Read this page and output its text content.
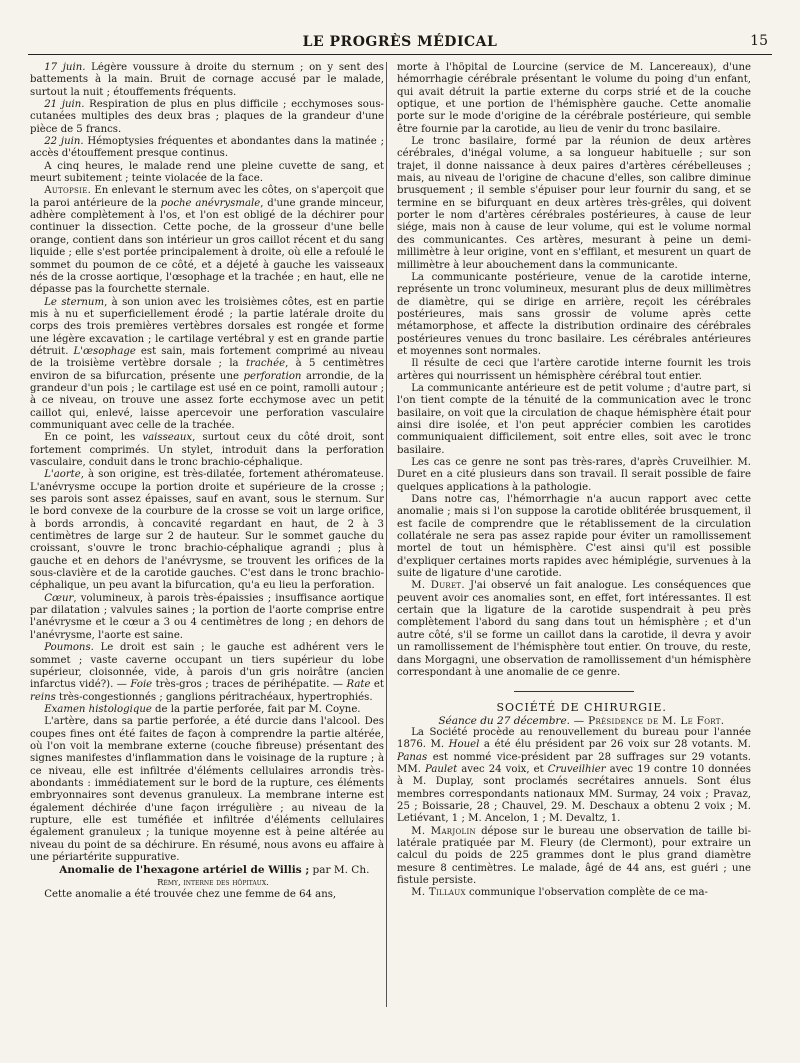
LE PROGRÈS MÉDICAL	15

17 juin. Légère voussure à droite du sternum ; on y sent des battements à la main. Bruit de cornage accusé par le malade, surtout la nuit ; étouffements fréquents.

21 juin. Respiration de plus en plus difficile ; ecchymoses sous-cutanées multiples des deux bras ; plaques de la grandeur d'une pièce de 5 francs.

22 juin. Hémoptysies fréquentes et abondantes dans la matinée ; accès d'étouffement presque continus.

A cinq heures, le malade rend une pleine cuvette de sang, et meurt subitement ; teinte violacée de la face.

Autopsie. En enlevant le sternum avec les côtes, on s'aperçoit que la paroi antérieure de la poche anévrysmale, d'une grande minceur, adhère complètement à l'os, et l'on est obligé de la déchirer pour continuer la dissection. Cette poche, de la grosseur d'une belle orange, contient dans son intérieur un gros caillot récent et du sang liquide ; elle s'est portée principalement à droite, où elle a refoulé le sommet du poumon de ce côté, et a déjeté à gauche les vaisseaux nés de la crosse aortique, l'œsophage et la trachée ; en haut, elle ne dépasse pas la fourchette sternale.

Le sternum, à son union avec les troisièmes côtes, est en partie mis à nu et superficiellement érodé ; la partie latérale droite du corps des trois premières vertèbres dorsales est rongée et forme une légère excavation ; le cartilage vertébral y est en grande partie détruit. L'œsophage est sain, mais fortement comprimé au niveau de la troisième vertèbre dorsale ; la trachée, à 5 centimètres environ de sa bifurcation, présente une perforation arrondie, de la grandeur d'un pois ; le cartilage est usé en ce point, ramolli autour ; à ce niveau, on trouve une assez forte ecchymose avec un petit caillot qui, enlevé, laisse apercevoir une perforation vasculaire communiquant avec celle de la trachée.

En ce point, les vaisseaux, surtout ceux du côté droit, sont fortement comprimés. Un stylet, introduit dans la perforation vasculaire, conduit dans le tronc brachio-céphalique.

L'aorte, à son origine, est très-dilatée, fortement athéromateuse. L'anévrysme occupe la portion droite et supérieure de la crosse ; ses parois sont assez épaisses, sauf en avant, sous le sternum. Sur le bord convexe de la courbure de la crosse se voit un large orifice, à bords arrondis, à concavité regardant en haut, de 2 à 3 centimètres de large sur 2 de hauteur. Sur le sommet gauche du croissant, s'ouvre le tronc brachio-céphalique agrandi ; plus à gauche et en dehors de l'anévrysme, se trouvent les orifices de la sous-clavière et de la carotide gauches. C'est dans le tronc brachio-céphalique, un peu avant la bifurcation, qu'a eu lieu la perforation.

Cœur, volumineux, à parois très-épaissies ; insuffisance aortique par dilatation ; valvules saines ; la portion de l'aorte comprise entre l'anévrysme et le cœur a 3 ou 4 centimètres de long ; en dehors de l'anévrysme, l'aorte est saine.

Poumons. Le droit est sain ; le gauche est adhérent vers le sommet ; vaste caverne occupant un tiers supérieur du lobe supérieur, cloisonnée, vide, à parois d'un gris noirâtre (ancien infarctus vidé?). — Foie très-gros ; traces de périhépatite. — Rate et reins très-congestionnés ; ganglions péritrachéaux, hypertrophiés.

Examen histologique de la partie perforée, fait par M. Coyne.

L'artère, dans sa partie perforée, a été durcie dans l'alcool. Des coupes fines ont été faites de façon à comprendre la partie altérée, où l'on voit la membrane externe (couche fibreuse) présentant des signes manifestes d'inflammation dans le voisinage de la rupture ; à ce niveau, elle est infiltrée d'éléments cellulaires arrondis très-abondants : immédiatement sur le bord de la rupture, ces éléments embryonnaires sont devenus granuleux. La membrane interne est également déchirée d'une façon irrégulière ; au niveau de la rupture, elle est tuméfiée et infiltrée d'éléments cellulaires également granuleux ; la tunique moyenne est à peine altérée au niveau du point de sa déchirure. En résumé, nous avons eu affaire à une périartérite suppurative.

Anomalie de l'hexagone artériel de Willis ; par M. Ch.

Rémy, interne des hôpitaux.

Cette anomalie a été trouvée chez une femme de 64 ans,

morte à l'hôpital de Lourcine (service de M. Lancereaux), d'une hémorrhagie cérébrale présentant le volume du poing d'un enfant, qui avait détruit la partie externe du corps strié et de la couche optique, et une portion de l'hémisphère gauche. Cette anomalie porte sur le mode d'origine de la cérébrale postérieure, qui semble être fournie par la carotide, au lieu de venir du tronc basilaire.

Le tronc basilaire, formé par la réunion de deux artères cérébrales, d'inégal volume, a sa longueur habituelle ; sur son trajet, il donne naissance à deux paires d'artères cérébelleuses ; mais, au niveau de l'origine de chacune d'elles, son calibre diminue brusquement ; il semble s'épuiser pour leur fournir du sang, et se termine en se bifurquant en deux artères très-grêles, qui doivent porter le nom d'artères cérébrales postérieures, à cause de leur siége, mais non à cause de leur volume, qui est le volume normal des communicantes. Ces artères, mesurant à peine un demi-millimètre à leur origine, vont en s'effilant, et mesurent un quart de millimètre à leur abouchement dans la communicante.

La communicante postérieure, venue de la carotide interne, représente un tronc volumineux, mesurant plus de deux millimètres de diamètre, qui se dirige en arrière, reçoit les cérébrales postérieures, mais sans grossir de volume après cette métamorphose, et affecte la distribution ordinaire des cérébrales postérieures venues du tronc basilaire. Les cérébrales antérieures et moyennes sont normales.

Il résulte de ceci que l'artère carotide interne fournit les trois artères qui nourrissent un hémisphère cérébral tout entier.

La communicante antérieure est de petit volume ; d'autre part, si l'on tient compte de la ténuité de la communication avec le tronc basilaire, on voit que la circulation de chaque hémisphère était pour ainsi dire isolée, et l'on peut apprécier combien les carotides communiquaient difficilement, soit entre elles, soit avec le tronc basilaire.

Les cas ce genre ne sont pas très-rares, d'après Cruveilhier. M. Duret en a cité plusieurs dans son travail. Il serait possible de faire quelques applications à la pathologie.

Dans notre cas, l'hémorrhagie n'a aucun rapport avec cette anomalie ; mais si l'on suppose la carotide oblitérée brusquement, il est facile de comprendre que le rétablissement de la circulation collatérale ne sera pas assez rapide pour éviter un ramollissement mortel de tout un hémisphère. C'est ainsi qu'il est possible d'expliquer certaines morts rapides avec hémiplégie, survenues à la suite de ligature d'une carotide.

M. Duret. J'ai observé un fait analogue. Les conséquences que peuvent avoir ces anomalies sont, en effet, fort intéressantes. Il est certain que la ligature de la carotide suspendrait à peu près complètement l'abord du sang dans tout un hémisphère ; et d'un autre côté, s'il se forme un caillot dans la carotide, il devra y avoir un ramollissement de l'hémisphère tout entier. On trouve, du reste, dans Morgagni, une observation de ramollissement d'un hémisphère correspondant à une anomalie de ce genre.

SOCIÉTÉ DE CHIRURGIE.

Séance du 27 décembre. — Présidence de M. Le Fort.

La Société procède au renouvellement du bureau pour l'année 1876. M. Houel a été élu président par 26 voix sur 28 votants. M. Panas est nommé vice-président par 28 suffrages sur 29 votants. MM. Paulet avec 24 voix, et Cruveilhier avec 19 contre 10 données à M. Duplay, sont proclamés secrétaires annuels. Sont élus membres correspondants nationaux MM. Surmay, 24 voix ; Pravaz, 25 ; Boissarie, 28 ; Chauvel, 29. M. Deschaux a obtenu 2 voix ; M. Letiévant, 1 ; M. Ancelon, 1 ; M. Devaltz, 1.

M. Marjolin dépose sur le bureau une observation de taille bi-latérale pratiquée par M. Fleury (de Clermont), pour extraire un calcul du poids de 225 grammes dont le plus grand diamètre mesure 8 centimètres. Le malade, âgé de 44 ans, est guéri ; une fistule persiste.

M. Tillaux communique l'observation complète de ce ma-
